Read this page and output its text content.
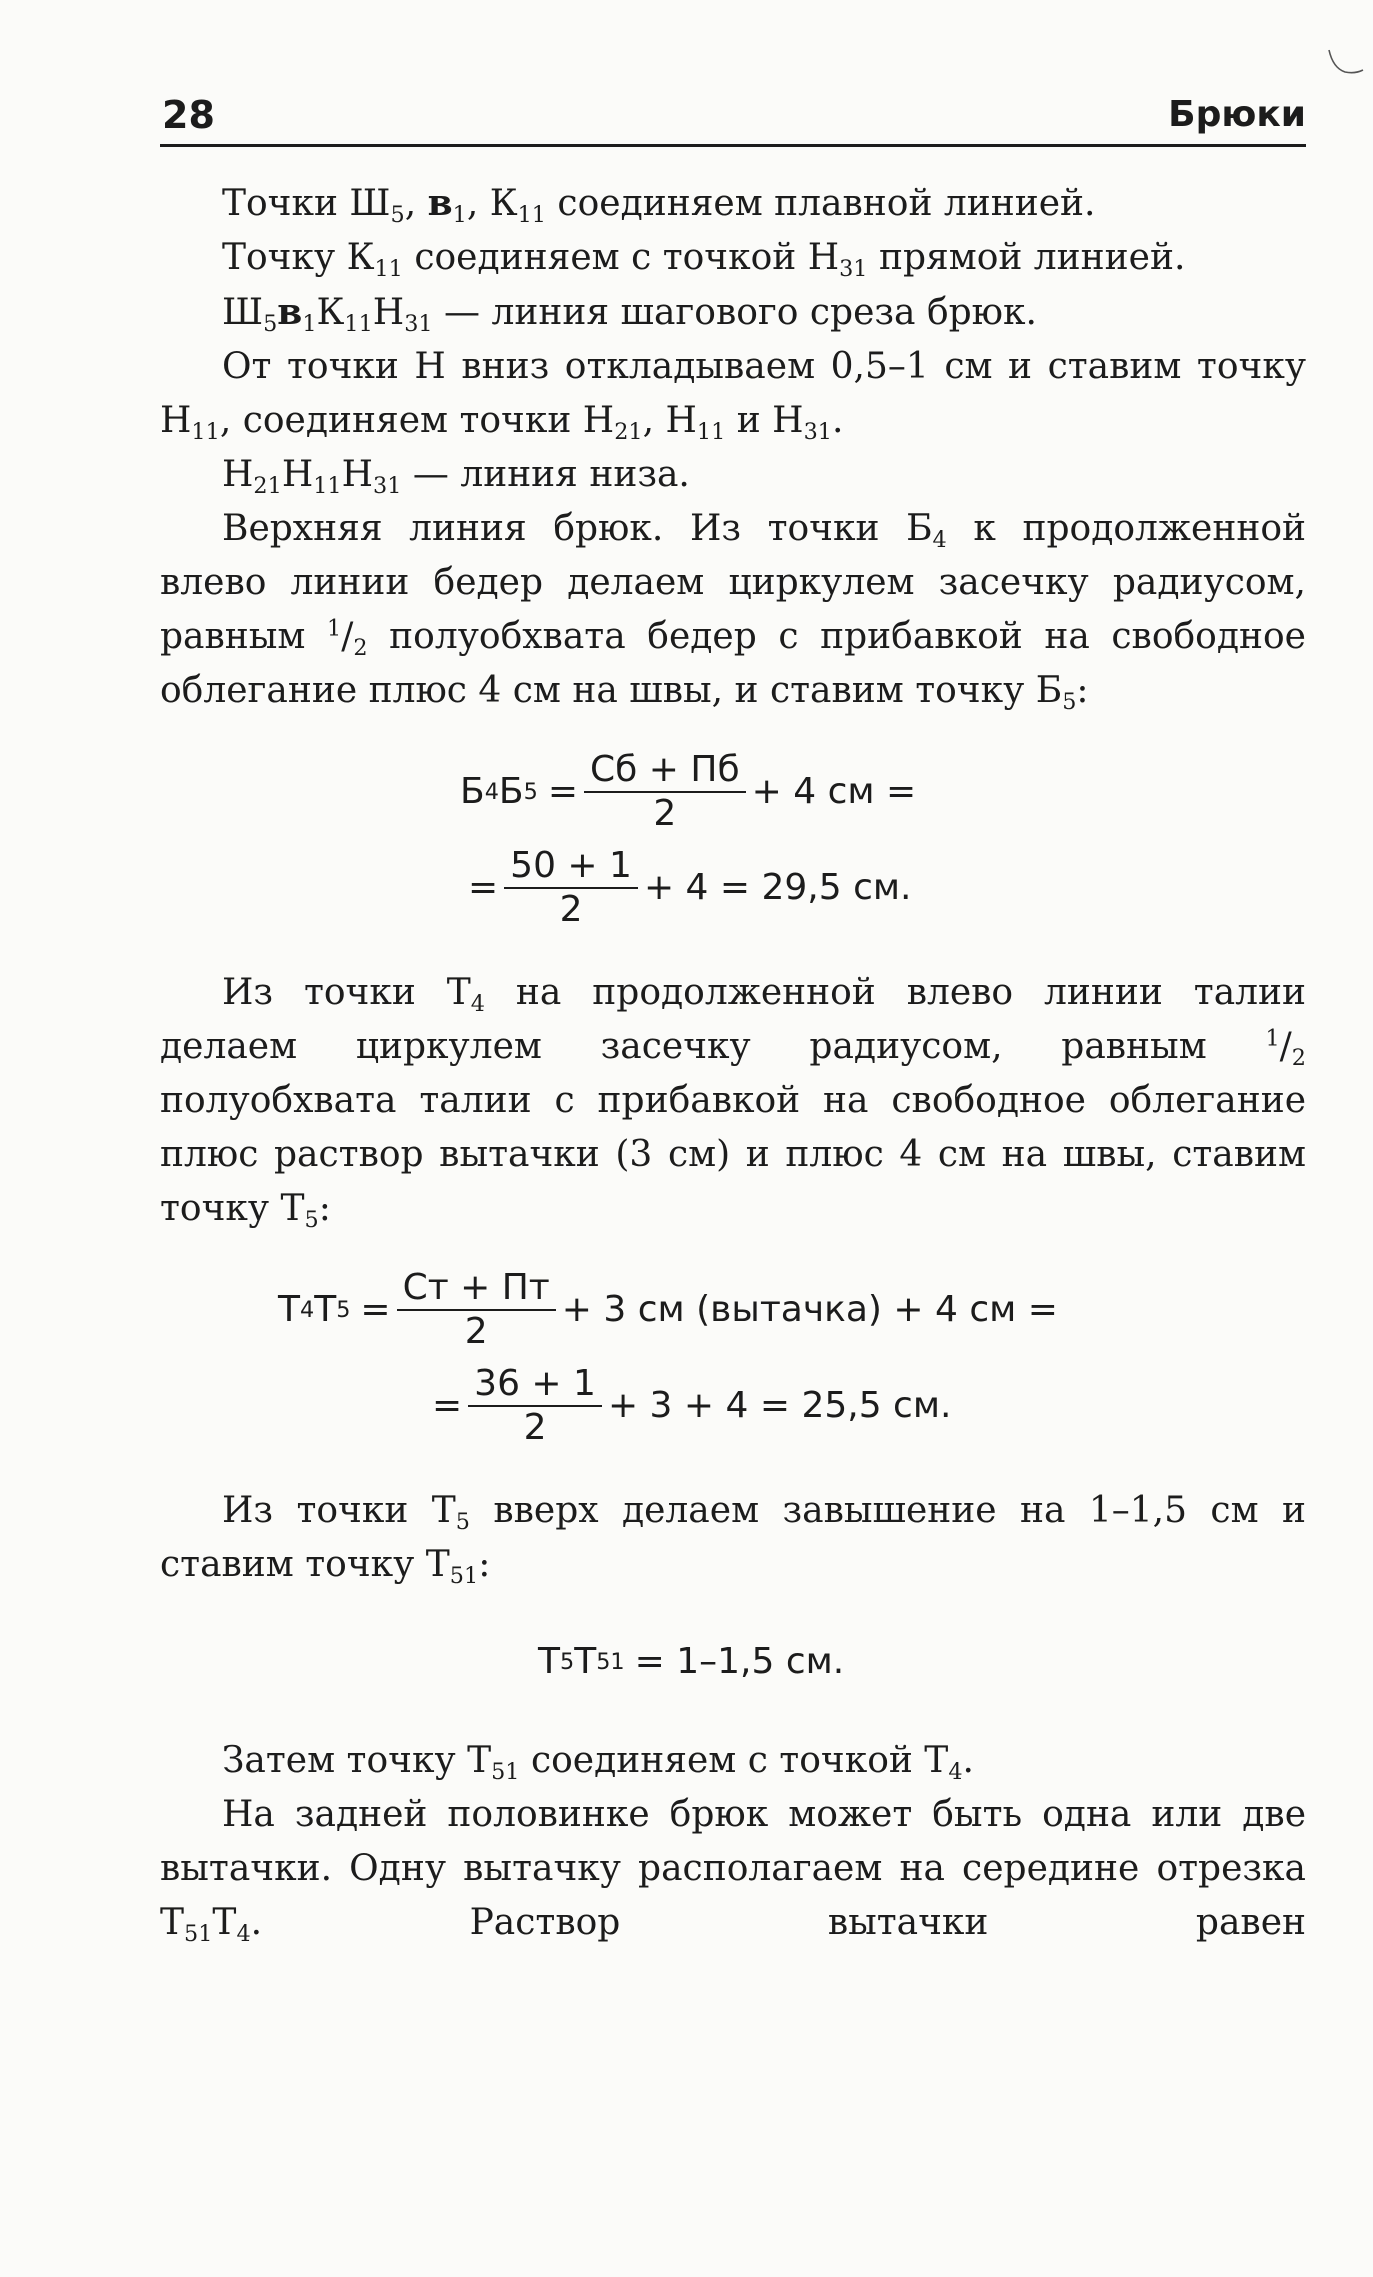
28	Брюки

Точки $Ш_5$, $в_1$, $К_{11}$ соединяем плавной линией.

Точку $К_{11}$ соединяем с точкой $Н_{31}$ прямой линией.

$Ш_5в_1К_{11}Н_{31}$ — линия шагового среза брюк.

От точки Н вниз откладываем 0,5–1 см и ставим точку $Н_{11}$, соединяем точки $Н_{21}$, $Н_{11}$ и $Н_{31}$.

$Н_{21}Н_{11}Н_{31}$ — линия низа.

Верхняя линия брюк. Из точки $Б_4$ к продолженной влево линии бедер делаем циркулем засечку радиусом, равным $^1/_2$ полуобхвата бедер с прибавкой на свободное облегание плюс 4 см на швы, и ставим точку $Б_5$:

Б 4 Б $5 = \frac{Сб + Пб}{2} + 4$ см =
= $\frac{50 + 1}{2} + 4 = 29,5$ см.

Из точки $Т_4$ на продолженной влево линии талии делаем циркулем засечку радиусом, равным $^1/_2$ полуобхвата талии с прибавкой на свободное облегание плюс раствор вытачки (3 см) и плюс 4 см на швы, ставим точку $Т_5$:

Т 4 Т $5 = \frac{Ст + Пт}{2} + 3$ см (вытачка) + 4 см =
= $\frac{36 + 1}{2} + 3 + 4 = 25,5$ см.

Из точки $Т_5$ вверх делаем завышение на 1–1,5 см и ставим точку $Т_{51}$:

Т 5 Т 51 = 1–1,5 см.

Затем точку $Т_{51}$ соединяем с точкой $Т_4$.

На задней половинке брюк может быть одна или две вытачки. Одну вытачку располагаем на середине отрезка $Т_{51}Т_4$. Раствор вытачки равен
